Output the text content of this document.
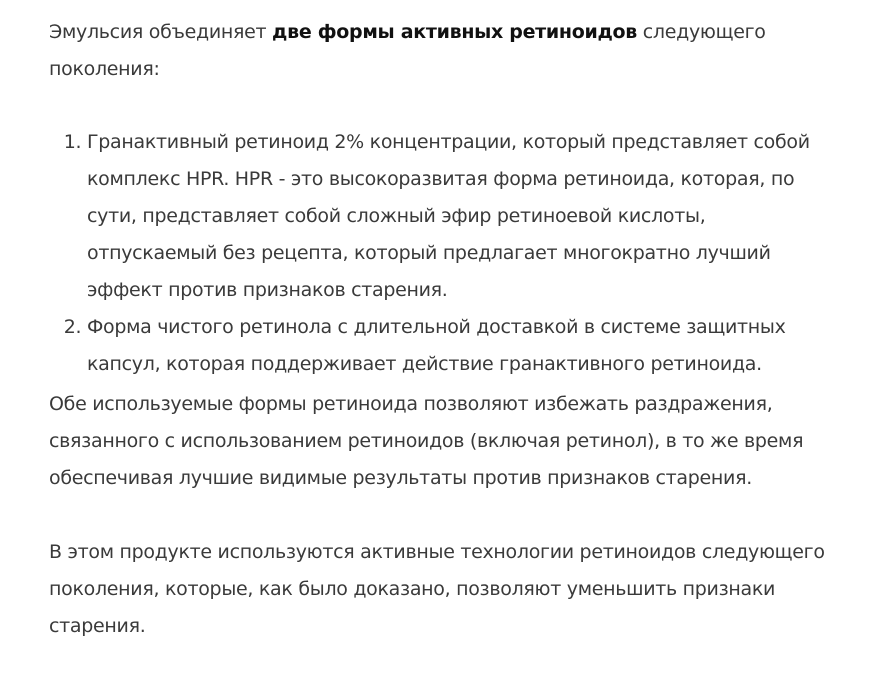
Эмульсия объединяет две формы активных ретиноидов следующего поколения:

1. Гранактивный ретиноид 2% концентрации, который представляет собой комплекс HPR. HPR - это высокоразвитая форма ретиноида, которая, по сути, представляет собой сложный эфир ретиноевой кислоты, отпускаемый без рецепта, который предлагает многократно лучший эффект против признаков старения.
2. Форма чистого ретинола с длительной доставкой в системе защитных капсул, которая поддерживает действие гранактивного ретиноида.

Обе используемые формы ретиноида позволяют избежать раздражения, связанного с использованием ретиноидов (включая ретинол), в то же время обеспечивая лучшие видимые результаты против признаков старения.

В этом продукте используются активные технологии ретиноидов следующего поколения, которые, как было доказано, позволяют уменьшить признаки старения.
